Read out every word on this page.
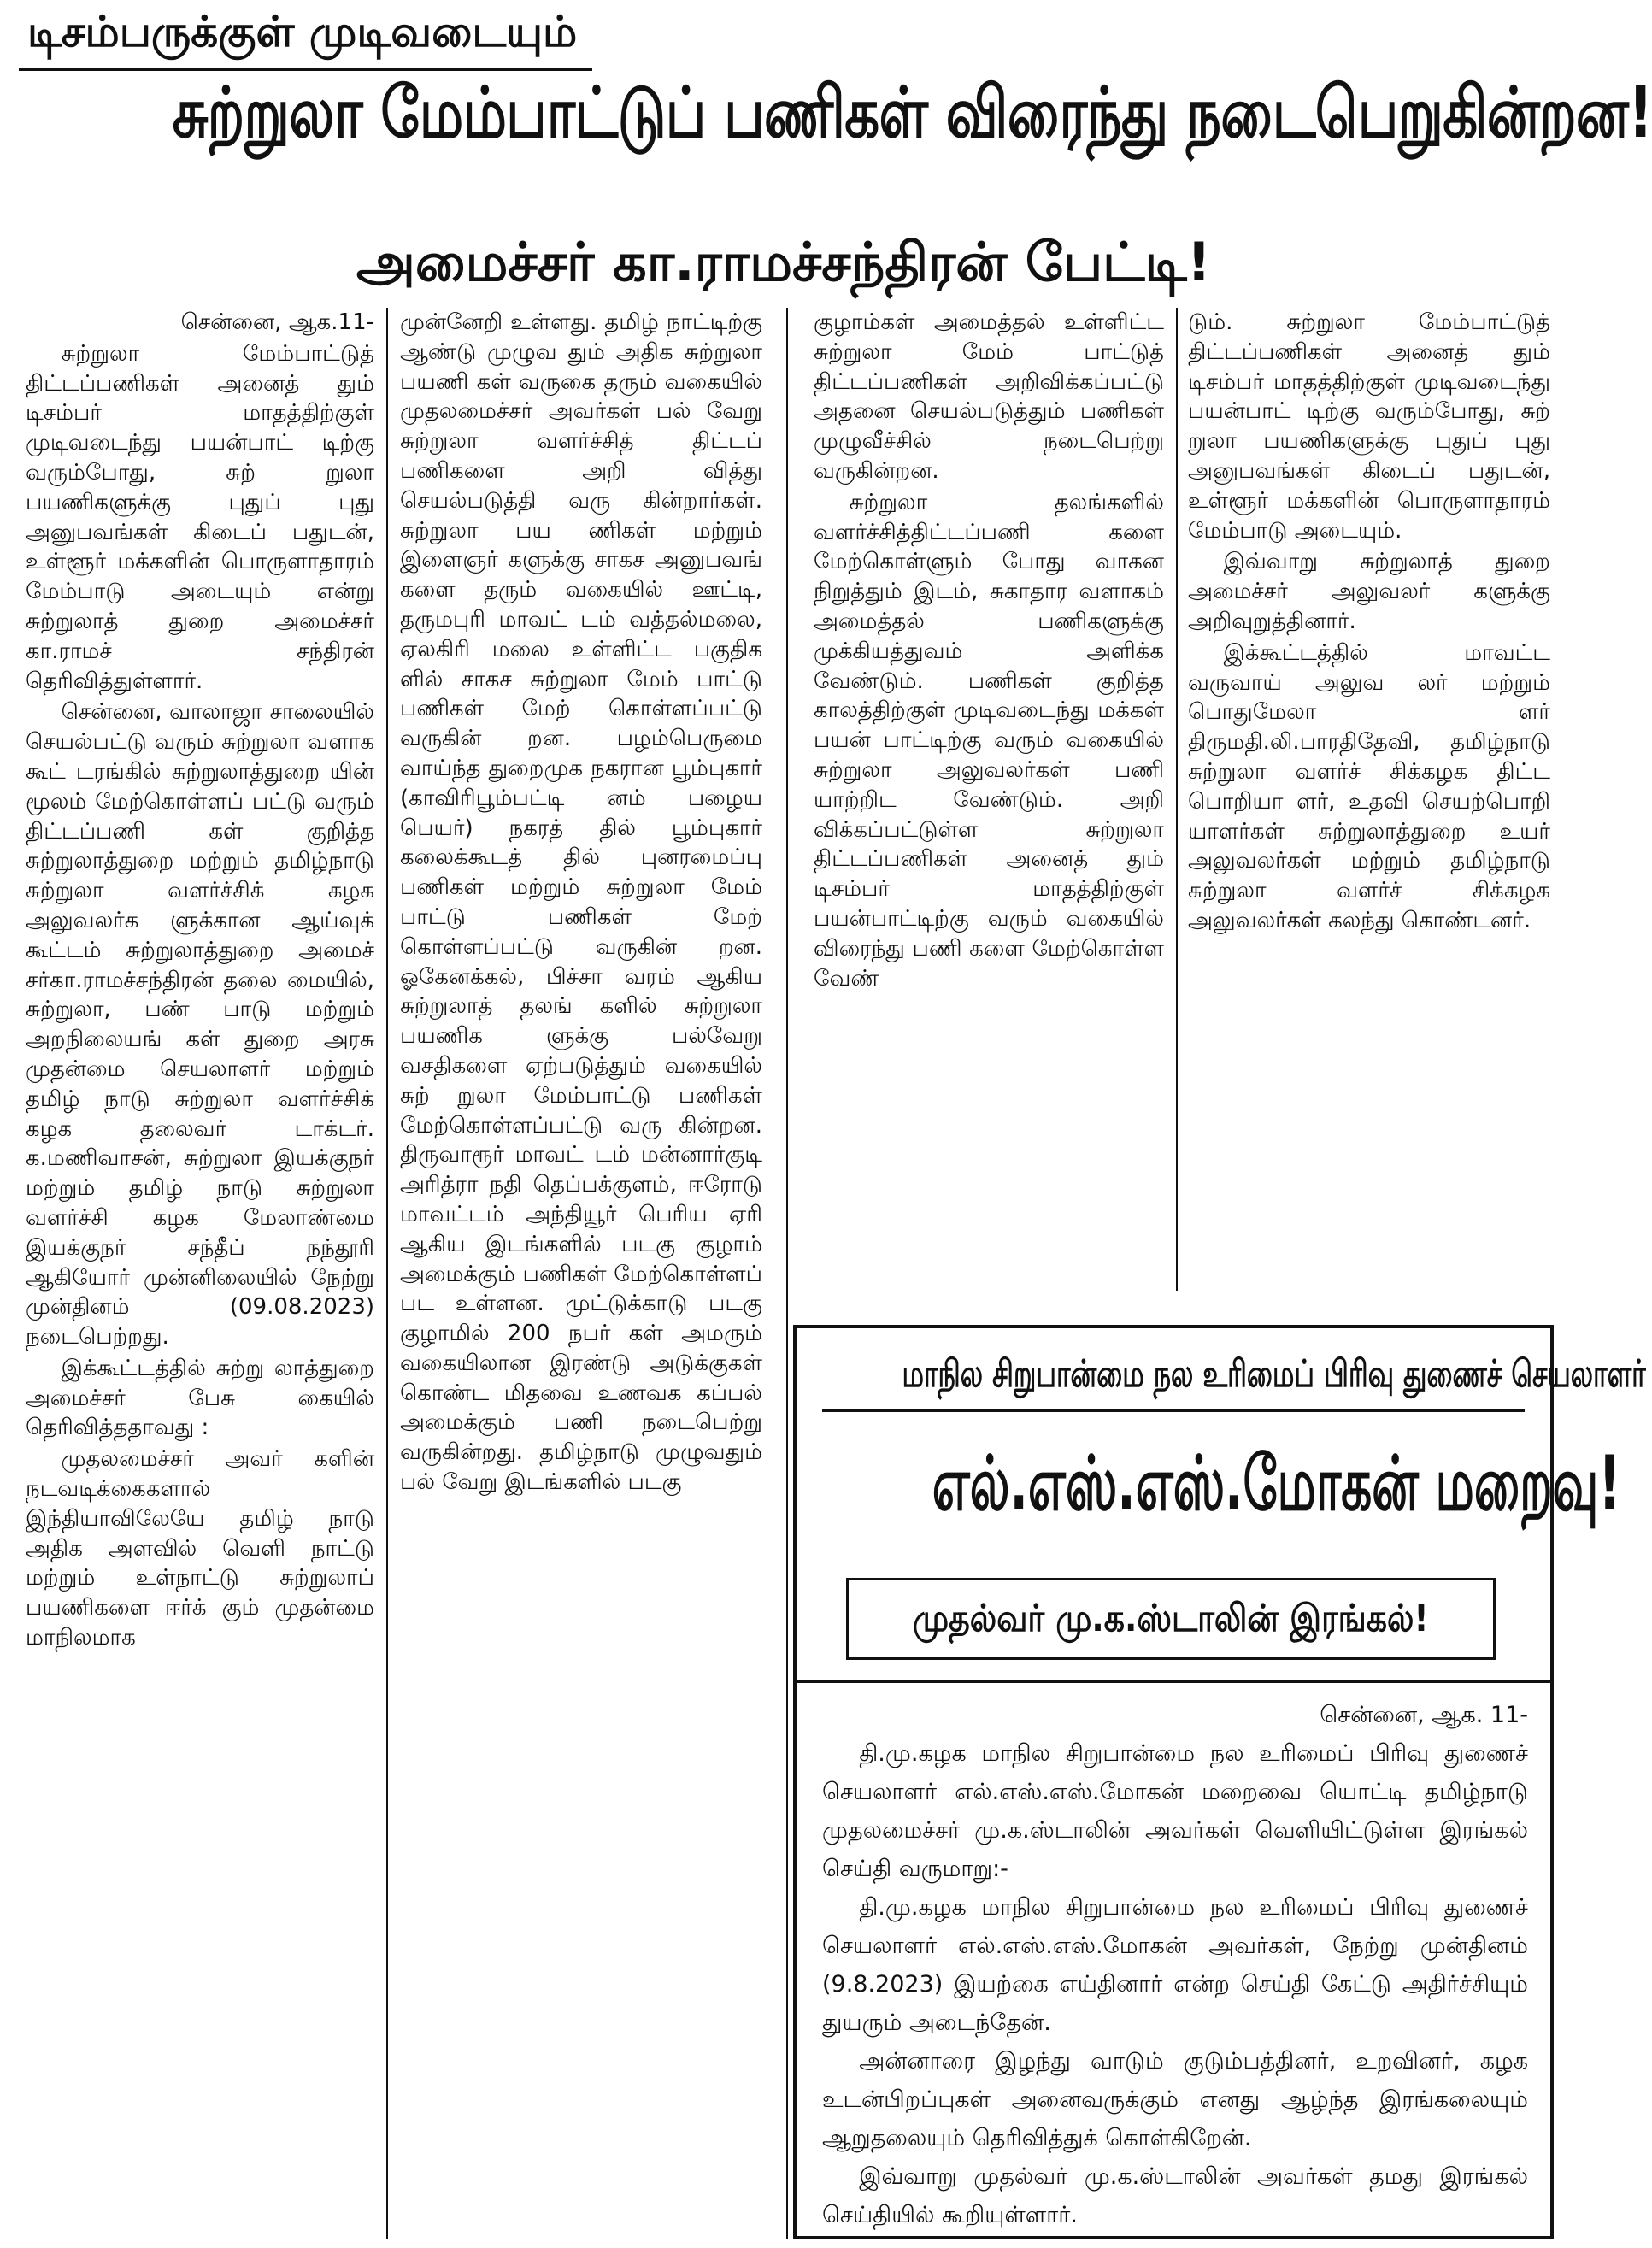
டிசம்பருக்குள் முடிவடையும்
சுற்றுலா மேம்பாட்டுப் பணிகள் விரைந்து நடைபெறுகின்றன!
அமைச்சர் கா.ராமச்சந்திரன் பேட்டி!

சென்னை, ஆக.11-

சுற்றுலா மேம்பாட்டுத் திட்டப்பணிகள் அனைத் தும் டிசம்பர் மாதத்திற்குள் முடிவடைந்து பயன்பாட் டிற்கு வரும்போது, சுற் றுலா பயணிகளுக்கு புதுப் புது அனுபவங்கள் கிடைப் பதுடன், உள்ளூர் மக்களின் பொருளாதாரம் மேம்பாடு அடையும் என்று சுற்றுலாத் துறை அமைச்சர் கா.ராமச் சந்திரன் தெரிவித்துள்ளார்.

சென்னை, வாலாஜா சாலையில் செயல்பட்டு வரும் சுற்றுலா வளாக கூட் டரங்கில் சுற்றுலாத்துறை யின் மூலம் மேற்கொள்ளப் பட்டு வரும் திட்டப்பணி கள் குறித்த சுற்றுலாத்துறை மற்றும் தமிழ்நாடு சுற்றுலா வளர்ச்சிக் கழக அலுவலர்க ளுக்கான ஆய்வுக் கூட்டம் சுற்றுலாத்துறை அமைச் சர்கா.ராமச்சந்திரன் தலை மையில், சுற்றுலா, பண் பாடு மற்றும் அறநிலையங் கள் துறை அரசு முதன்மை செயலாளர் மற்றும் தமிழ் நாடு சுற்றுலா வளர்ச்சிக் கழக தலைவர் டாக்டர். க.மணிவாசன், சுற்றுலா இயக்குநர் மற்றும் தமிழ் நாடு சுற்றுலா வளர்ச்சி கழக மேலாண்மை இயக்குநர் சந்தீப் நந்தூரி ஆகியோர் முன்னிலையில் நேற்று முன்தினம் (09.08.2023) நடைபெற்றது.

இக்கூட்டத்தில் சுற்று லாத்துறை அமைச்சர் பேசு கையில் தெரிவித்ததாவது :

முதலமைச்சர் அவர் களின் நடவடிக்கைகளால் இந்தியாவிலேயே தமிழ் நாடு அதிக அளவில் வெளி நாட்டு மற்றும் உள்நாட்டு சுற்றுலாப் பயணிகளை ஈர்க் கும் முதன்மை மாநிலமாக

முன்னேறி உள்ளது. தமிழ் நாட்டிற்கு ஆண்டு முழுவ தும் அதிக சுற்றுலா பயணி கள் வருகை தரும் வகையில் முதலமைச்சர் அவர்கள் பல் வேறு சுற்றுலா வளர்ச்சித் திட்டப் பணிகளை அறி வித்து செயல்படுத்தி வரு கின்றார்கள். சுற்றுலா பய ணிகள் மற்றும் இளைஞர் களுக்கு சாகச அனுபவங் களை தரும் வகையில் ஊட்டி, தருமபுரி மாவட் டம் வத்தல்மலை, ஏலகிரி மலை உள்ளிட்ட பகுதிக ளில் சாகச சுற்றுலா மேம் பாட்டு பணிகள் மேற் கொள்ளப்பட்டு வருகின் றன. பழம்பெருமை வாய்ந்த துறைமுக நகரான பூம்புகார் (காவிரிபூம்பட்டி னம் பழைய பெயர்) நகரத் தில் பூம்புகார் கலைக்கூடத் தில் புனரமைப்பு பணிகள் மற்றும் சுற்றுலா மேம் பாட்டு பணிகள் மேற் கொள்ளப்பட்டு வருகின் றன. ஓகேனக்கல், பிச்சா வரம் ஆகிய சுற்றுலாத் தலங் களில் சுற்றுலா பயணிக ளுக்கு பல்வேறு வசதிகளை ஏற்படுத்தும் வகையில் சுற் றுலா மேம்பாட்டு பணிகள் மேற்கொள்ளப்பட்டு வரு கின்றன. திருவாரூர் மாவட் டம் மன்னார்குடி அரித்ரா நதி தெப்பக்குளம், ஈரோடு மாவட்டம் அந்தியூர் பெரிய ஏரி ஆகிய இடங்களில் படகு குழாம் அமைக்கும் பணிகள் மேற்கொள்ளப் பட உள்ளன. முட்டுக்காடு படகு குழாமில் 200 நபர் கள் அமரும் வகையிலான இரண்டு அடுக்குகள் கொண்ட மிதவை உணவக கப்பல் அமைக்கும் பணி நடைபெற்று வருகின்றது. தமிழ்நாடு முழுவதும் பல் வேறு இடங்களில் படகு

குழாம்கள் அமைத்தல் உள்ளிட்ட சுற்றுலா மேம் பாட்டுத் திட்டப்பணிகள் அறிவிக்கப்பட்டு அதனை செயல்படுத்தும் பணிகள் முழுவீச்சில் நடைபெற்று வருகின்றன.

சுற்றுலா தலங்களில் வளர்ச்சித்திட்டப்பணி களை மேற்கொள்ளும் போது வாகன நிறுத்தும் இடம், சுகாதார வளாகம் அமைத்தல் பணிகளுக்கு முக்கியத்துவம் அளிக்க வேண்டும். பணிகள் குறித்த காலத்திற்குள் முடிவடைந்து மக்கள் பயன் பாட்டிற்கு வரும் வகையில் சுற்றுலா அலுவலர்கள் பணி யாற்றிட வேண்டும். அறி விக்கப்பட்டுள்ள சுற்றுலா திட்டப்பணிகள் அனைத் தும் டிசம்பர் மாதத்திற்குள் பயன்பாட்டிற்கு வரும் வகையில் விரைந்து பணி களை மேற்கொள்ள வேண்

டும். சுற்றுலா மேம்பாட்டுத் திட்டப்பணிகள் அனைத் தும் டிசம்பர் மாதத்திற்குள் முடிவடைந்து பயன்பாட் டிற்கு வரும்போது, சுற் றுலா பயணிகளுக்கு புதுப் புது அனுபவங்கள் கிடைப் பதுடன், உள்ளூர் மக்களின் பொருளாதாரம் மேம்பாடு அடையும்.

இவ்வாறு சுற்றுலாத் துறை அமைச்சர் அலுவலர் களுக்கு அறிவுறுத்தினார்.

இக்கூட்டத்தில் மாவட்ட வருவாய் அலுவ லர் மற்றும் பொதுமேலா ளர் திருமதி.லி.பாரதிதேவி, தமிழ்நாடு சுற்றுலா வளர்ச் சிக்கழக திட்ட பொறியா ளர், உதவி செயற்பொறி யாளர்கள் சுற்றுலாத்துறை உயர் அலுவலர்கள் மற்றும் தமிழ்நாடு சுற்றுலா வளர்ச் சிக்கழக அலுவலர்கள் கலந்து கொண்டனர்.

மாநில சிறுபான்மை நல உரிமைப் பிரிவு துணைச் செயலாளர்
எல்.எஸ்.எஸ்.மோகன் மறைவு!
முதல்வர் மு.க.ஸ்டாலின் இரங்கல்!

சென்னை, ஆக. 11-

தி.மு.கழக மாநில சிறுபான்மை நல உரிமைப் பிரிவு துணைச் செயலாளர் எல்.எஸ்.எஸ்.மோகன் மறைவை யொட்டி தமிழ்நாடு முதலமைச்சர் மு.க.ஸ்டாலின் அவர்கள் வெளியிட்டுள்ள இரங்கல் செய்தி வருமாறு:-

தி.மு.கழக மாநில சிறுபான்மை நல உரிமைப் பிரிவு துணைச் செயலாளர் எல்.எஸ்.எஸ்.மோகன் அவர்கள், நேற்று முன்தினம் (9.8.2023) இயற்கை எய்தினார் என்ற செய்தி கேட்டு அதிர்ச்சியும் துயரும் அடைந்தேன்.

அன்னாரை இழந்து வாடும் குடும்பத்தினர், உறவினர், கழக உடன்பிறப்புகள் அனைவருக்கும் எனது ஆழ்ந்த இரங்கலையும் ஆறுதலையும் தெரிவித்துக் கொள்கிறேன்.

இவ்வாறு முதல்வர் மு.க.ஸ்டாலின் அவர்கள் தமது இரங்கல் செய்தியில் கூறியுள்ளார்.
